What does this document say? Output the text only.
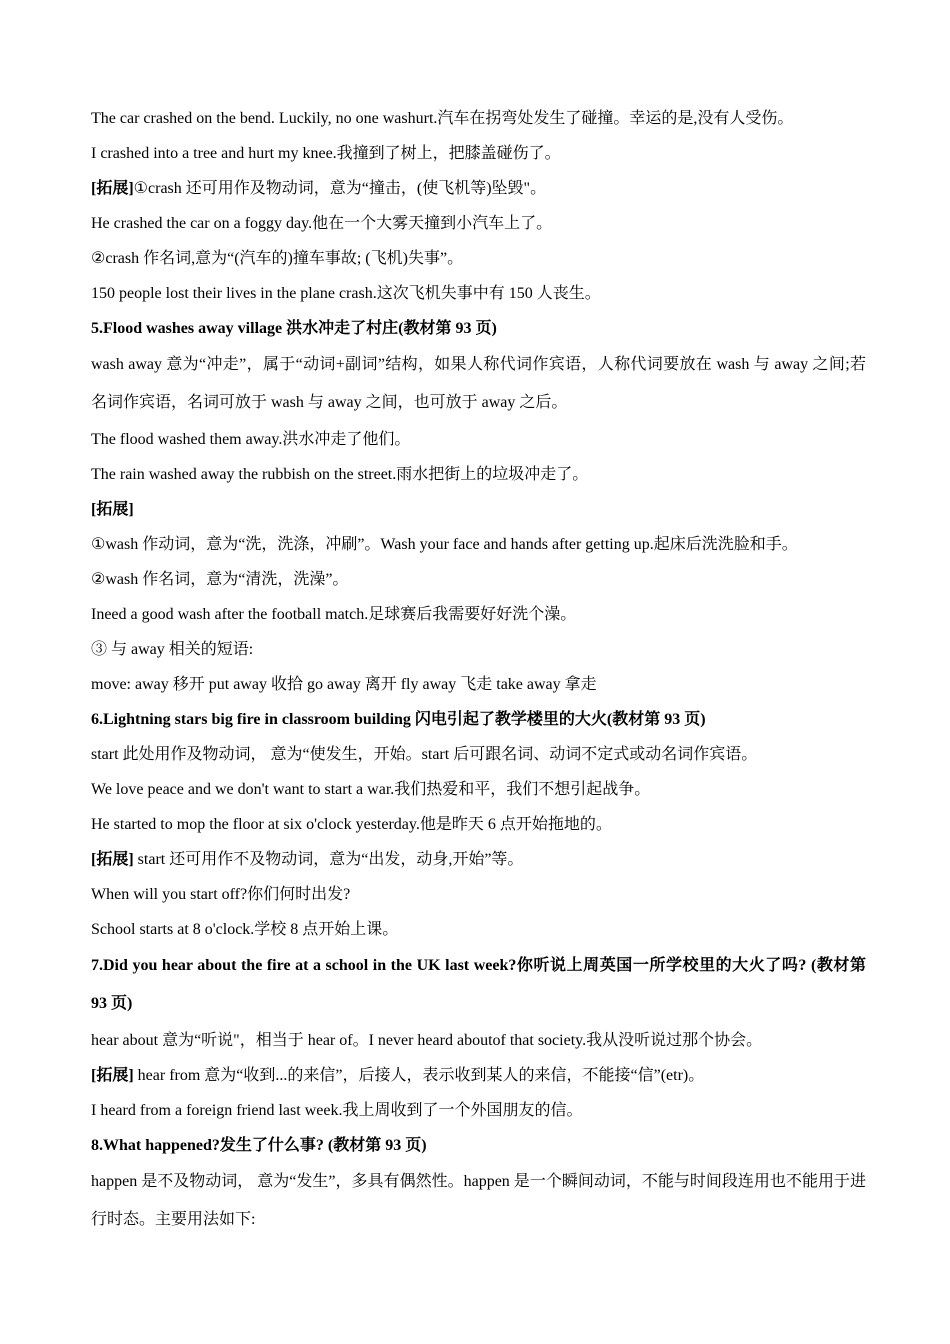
The car crashed on the bend. Luckily, no one washurt.汽车在拐弯处发生了碰撞。幸运的是,没有人受伤。
I crashed into a tree and hurt my knee.我撞到了树上，把膝盖碰伤了。
[拓展]①crash 还可用作及物动词，意为“撞击，(使飞机等)坠毁"。
He crashed the car on a foggy day.他在一个大雾天撞到小汽车上了。
②crash 作名词,意为“(汽车的)撞车事故; (飞机)失事”。
150 people lost their lives in the plane crash.这次飞机失事中有 150 人丧生。
5.Flood washes away village 洪水冲走了村庄(教材第 93 页)
wash away 意为“冲走”，属于“动词+副词”结构，如果人称代词作宾语，人称代词要放在 wash 与 away 之间;若名词作宾语，名词可放于 wash 与 away 之间，也可放于 away 之后。
The flood washed them away.洪水冲走了他们。
The rain washed away the rubbish on the street.雨水把街上的垃圾冲走了。
[拓展]
①wash 作动词，意为“洗，洗涤，冲刷”。Wash your face and hands after getting up.起床后洗洗脸和手。
②wash 作名词，意为“清洗，洗澡”。
Ineed a good wash after the football match.足球赛后我需要好好洗个澡。
③ 与 away 相关的短语:
move: away 移开 put away 收拾 go away 离开 fly away 飞走 take away 拿走
6.Lightning stars big fire in classroom building 闪电引起了教学楼里的大火(教材第 93 页)
start 此处用作及物动词， 意为“使发生，开始。start 后可跟名词、动词不定式或动名词作宾语。
We love peace and we don't want to start a war.我们热爱和平，我们不想引起战争。
He started to mop the floor at six o'clock yesterday.他是昨天 6 点开始拖地的。
[拓展] start 还可用作不及物动词，意为“出发，动身,开始”等。
When will you start off?你们何时出发?
School starts at 8 o'clock.学校 8 点开始上课。
7.Did you hear about the fire at a school in the UK last week?你听说上周英国一所学校里的大火了吗? (教材第 93 页)
hear about 意为“听说"，相当于 hear of。I never heard aboutof that society.我从没听说过那个协会。
[拓展] hear from 意为“收到...的来信”，后接人，表示收到某人的来信，不能接“信”(etr)。
I heard from a foreign friend last week.我上周收到了一个外国朋友的信。
8.What happened?发生了什么事? (教材第 93 页)
happen 是不及物动词， 意为“发生”，多具有偶然性。happen 是一个瞬间动词，不能与时间段连用也不能用于进行时态。主要用法如下:
